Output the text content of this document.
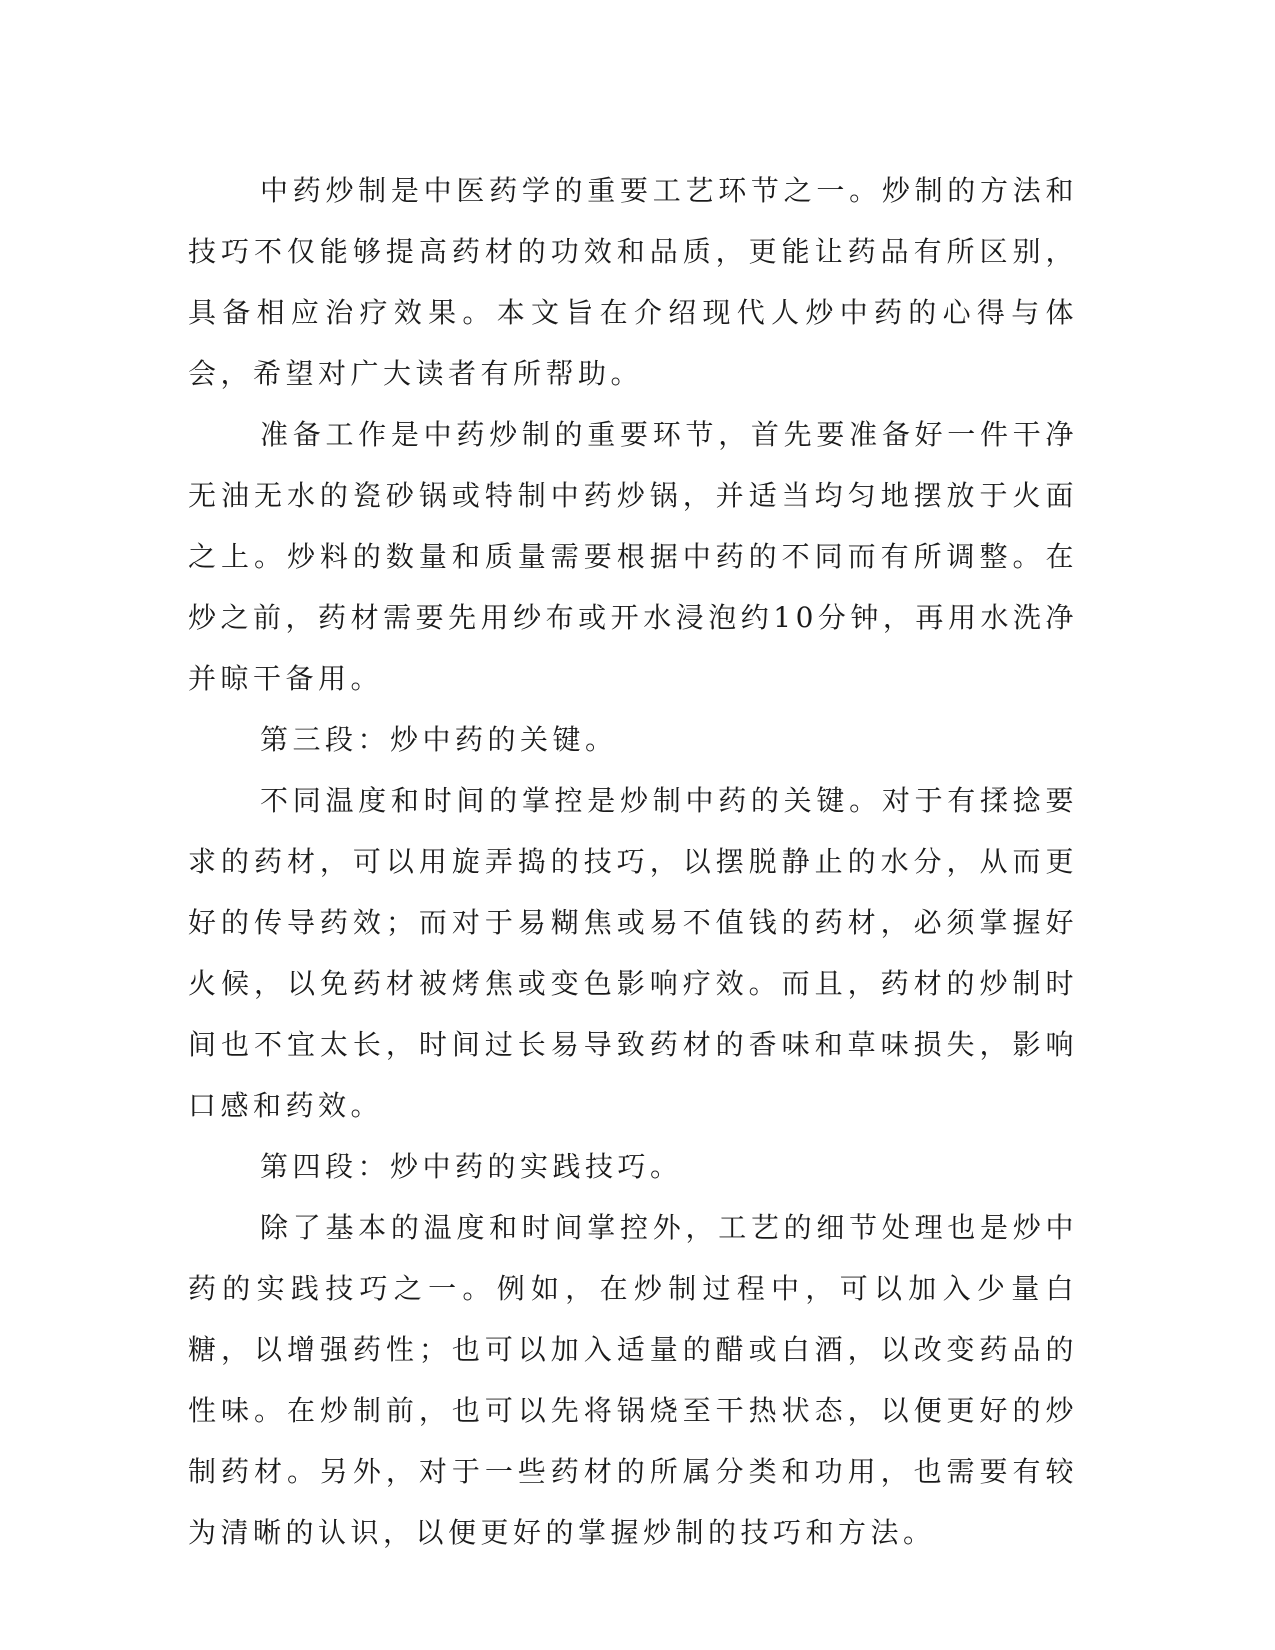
中药炒制是中医药学的重要工艺环节之一。炒制的方法和技巧不仅能够提高药材的功效和品质，更能让药品有所区别，具备相应治疗效果。本文旨在介绍现代人炒中药的心得与体会，希望对广大读者有所帮助。

准备工作是中药炒制的重要环节，首先要准备好一件干净无油无水的瓷砂锅或特制中药炒锅，并适当均匀地摆放于火面之上。炒料的数量和质量需要根据中药的不同而有所调整。在炒之前，药材需要先用纱布或开水浸泡约10分钟，再用水洗净并晾干备用。

第三段：炒中药的关键。

不同温度和时间的掌控是炒制中药的关键。对于有揉捻要求的药材，可以用旋弄捣的技巧，以摆脱静止的水分，从而更好的传导药效；而对于易糊焦或易不值钱的药材，必须掌握好火候，以免药材被烤焦或变色影响疗效。而且，药材的炒制时间也不宜太长，时间过长易导致药材的香味和草味损失，影响口感和药效。

第四段：炒中药的实践技巧。

除了基本的温度和时间掌控外，工艺的细节处理也是炒中药的实践技巧之一。例如，在炒制过程中，可以加入少量白糖，以增强药性；也可以加入适量的醋或白酒，以改变药品的性味。在炒制前，也可以先将锅烧至干热状态，以便更好的炒制药材。另外，对于一些药材的所属分类和功用，也需要有较为清晰的认识，以便更好的掌握炒制的技巧和方法。
